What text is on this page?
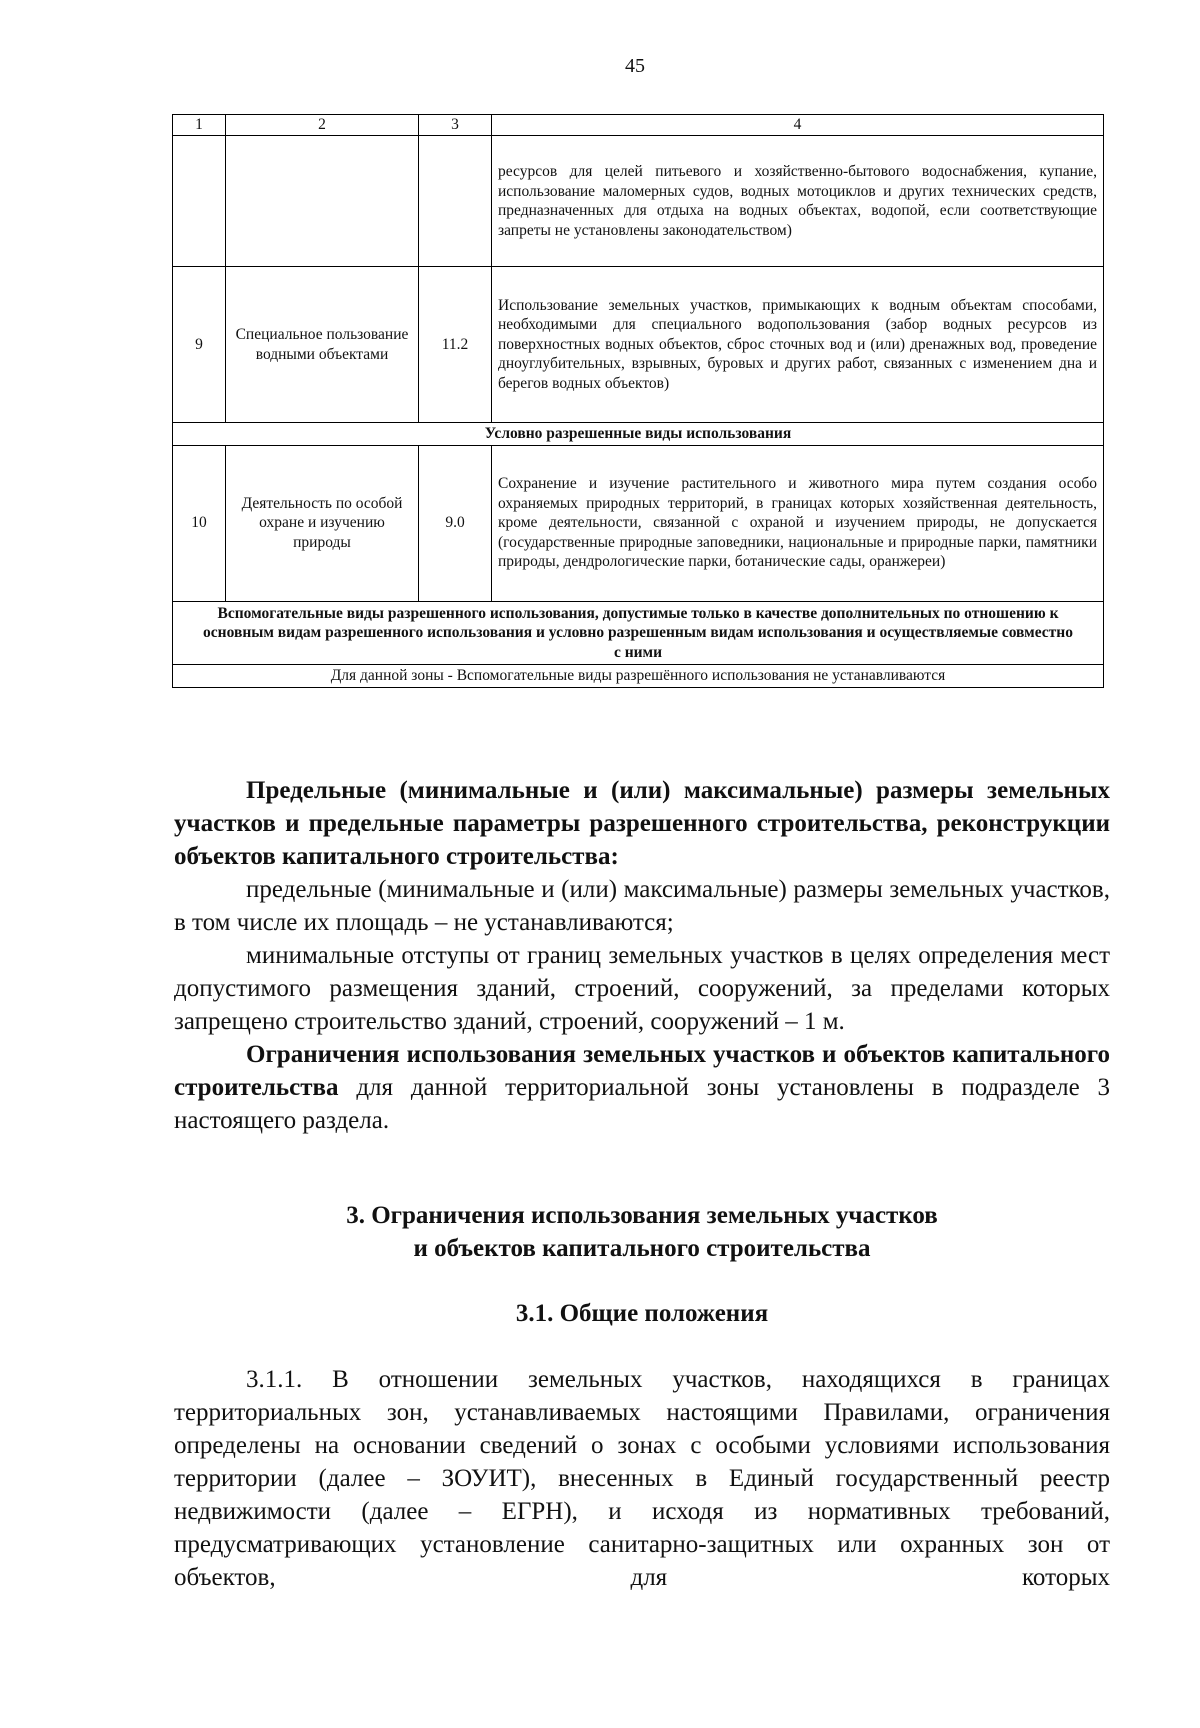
45
1	2	3	4
			ресурсов для целей питьевого и хозяйственно-бытового водоснабжения, купание, использование маломерных судов, водных мотоциклов и других технических средств, предназначенных для отдыха на водных объектах, водопой, если соответствующие запреты не установлены законодательством)
9	Специальное пользование водными объектами	11.2	Использование земельных участков, примыкающих к водным объектам способами, необходимыми для специального водопользования (забор водных ресурсов из поверхностных водных объектов, сброс сточных вод и (или) дренажных вод, проведение дноуглубительных, взрывных, буровых и других работ, связанных с изменением дна и берегов водных объектов)
Условно разрешенные виды использования			
10	Деятельность по особой охране и изучению природы	9.0	Сохранение и изучение растительного и животного мира путем создания особо охраняемых природных территорий, в границах которых хозяйственная деятельность, кроме деятельности, связанной с охраной и изучением природы, не допускается (государственные природные заповедники, национальные и природные парки, памятники природы, дендрологические парки, ботанические сады, оранжереи)
Вспомогательные виды разрешенного использования, допустимые только в качестве дополнительных по отношению к основным видам разрешенного использования и условно разрешенным видам использования и осуществляемые совместно с ними			
Для данной зоны - Вспомогательные виды разрешённого использования не устанавливаются			

Предельные (минимальные и (или) максимальные) размеры земельных участков и предельные параметры разрешенного строительства, реконструкции объектов капитального строительства:

предельные (минимальные и (или) максимальные) размеры земельных участков, в том числе их площадь – не устанавливаются;

минимальные отступы от границ земельных участков в целях определения мест допустимого размещения зданий, строений, сооружений, за пределами которых запрещено строительство зданий, строений, сооружений – 1 м.

Ограничения использования земельных участков и объектов капитального строительства для данной территориальной зоны установлены в подразделе 3 настоящего раздела.

3. Ограничения использования земельных участков

и объектов капитального строительства

3.1. Общие положения

3.1.1. В отношении земельных участков, находящихся в границах территориальных зон, устанавливаемых настоящими Правилами, ограничения определены на основании сведений о зонах с особыми условиями использования территории (далее – ЗОУИТ), внесенных в Единый государственный реестр недвижимости (далее – ЕГРН), и исходя из нормативных требований, предусматривающих установление санитарно-защитных или охранных зон от объектов, для которых
